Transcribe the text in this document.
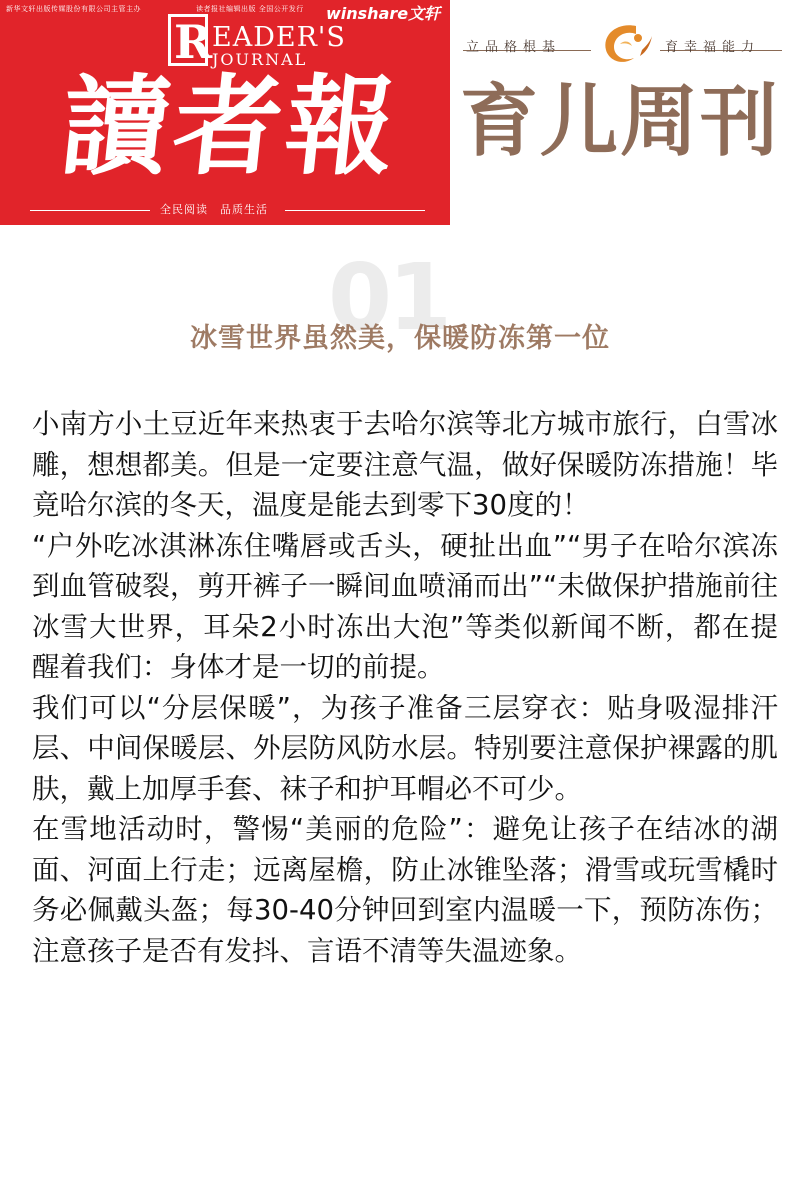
新华文轩出版传媒股份有限公司主管主办	读者报社编辑出版 全国公开发行 winshare文轩
R EADER'S
JOURNAL
讀者報
全民阅读　品质生活
立品格根基	育幸福能力
育儿周刊
01
冰雪世界虽然美，保暖防冻第一位

小南方小土豆近年来热衷于去哈尔滨等北方城市旅行，白雪冰雕，想想都美。但是一定要注意气温，做好保暖防冻措施！毕竟哈尔滨的冬天，温度是能去到零下30度的！

“户外吃冰淇淋冻住嘴唇或舌头，硬扯出血”“男子在哈尔滨冻到血管破裂，剪开裤子一瞬间血喷涌而出”“未做保护措施前往冰雪大世界，耳朵2小时冻出大泡”等类似新闻不断，都在提醒着我们：身体才是一切的前提。

我们可以“分层保暖”，为孩子准备三层穿衣：贴身吸湿排汗层、中间保暖层、外层防风防水层。特别要注意保护裸露的肌肤，戴上加厚手套、袜子和护耳帽必不可少。

在雪地活动时，警惕“美丽的危险”：避免让孩子在结冰的湖面、河面上行走；远离屋檐，防止冰锥坠落；滑雪或玩雪橇时务必佩戴头盔；每30-40分钟回到室内温暖一下，预防冻伤；注意孩子是否有发抖、言语不清等失温迹象。
